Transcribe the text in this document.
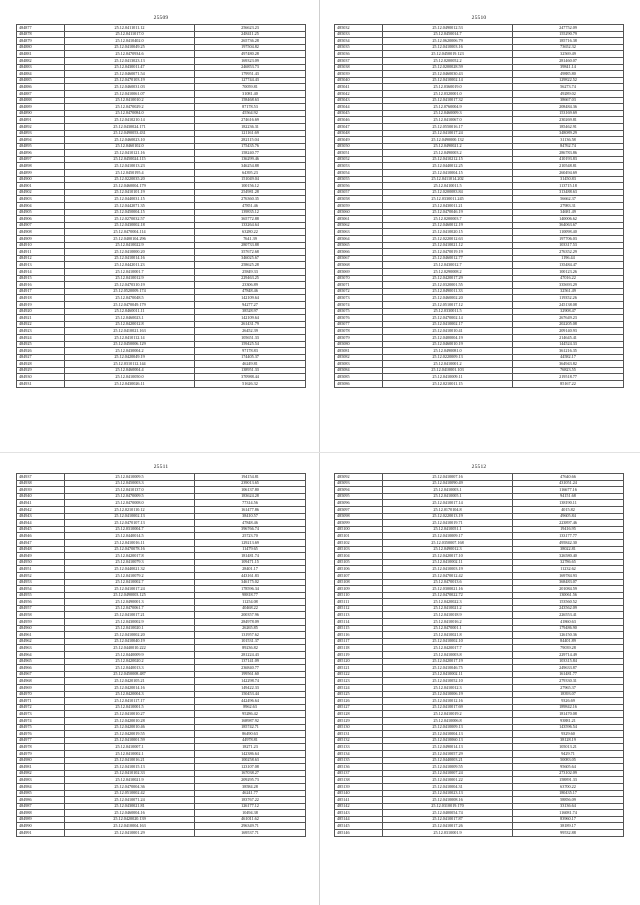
25509
484877	25.12.0411011.12	256623.23
484878	25.12.0411017.0	248411.25
484879	25.12.0410402.0	265736.28
484880	25.12.0410049.25	197504.82
484881	25.12.0470934.6	497480.28
484882	25.12.0413023.13	169323.09
484883	25.12.0430011.47	246853.73
484884	25.12.0460071.54	179951.43
484885	25.12.0470103.19	127744.43
484886	25.12.0460031.03	70059.81
484887	25.12.0410061.07	31081.40
484888	25.12.0410010.2	158468.63
484889	25.12.0470029.2	87178.53
484890	25.12.0470084.0	45564.92
484891	25.12.0410210.14	274616.69
484892	25.12.0430024.171	182236.31
484893	25.12.0490053.431	121161.69
484894	25.12.0460023.10	282115.04
484895	25.12.0460102.0	175435.76
484896	25.12.0410121.16	158240.77
484897	25.12.0450024.115	136299.46
484898	25.12.0410013.23	346254.88
484899	25.12.0450195.4	64395.23
484900	25.12.0220035.20	151049.04
484901	25.12.0460004.179	100156.12
484902	25.12.0410101.19	254981.28
484903	25.12.0440031.15	276360.35
484904	25.12.0442071.35	47851.46
484905	25.12.0450004.15	139835.12
484906	25.12.0270032.57	365772.88
484907	25.12.0430002.18	133264.64
484908	25.12.0470004.114	63280.22
484909	25.12.0400104.296	7641.39
484910	25.12.0410022.9	280733.88
484911	25.12.0410000.20	357672.68
484912	25.12.0410014.16	346025.67
484913	25.12.0442011.23	258625.28
484914	25.12.0410001.7	25849.33
484915	25.12.0410012.9	229463.25
484916	25.12.0470310.19	23306.89
484917	25.12.0520009.174	47848.46
484918	25.12.0470048.5	142109.64
484919	25.12.0470049.179	94277.27
484920	25.12.0460011.11	38528.97
484921	25.12.0460023.1	142109.64
484922	25.12.0420012.8	261431.79
484923	25.12.0410021.163	26452.39
484924	25.12.0410112.14	105651.33
484925	25.12.0450006.129	159425.54
484926	25.12.0430004.2	97178.83
484927	25.12.0420049.19	174405.37
484928	25.12.0310112.144	46249.81
484929	25.12.0460004.4	138951.33
484930	25.12.0410050.0	370988.44
484931	25.12.0430026.11	51626.32
25510
485032	25.12.0490012.53	247752.09
485033	25.12.0450014.7	155290.79
485034	25.12.0620006.79	185716.38
485035	25.12.0410003.16	73652.32
485036	25.12.0450019.123	32569.49
485037	25.12.0200052.2	281460.07
485038	25.12.0200028.59	39841.14
485039	25.12.0460030.43	49885.80
485040	25.12.0410002.14	129822.52
485041	25.12.0360019.0	56273.74
485042	25.12.0320001.0	49289.02
485043	25.12.0410017.32	38667.03
485044	25.12.0760004.9	208484.36
485045	25.12.0460009.3	153169.69
485046	25.12.0410067.0	230269.81
485047	25.12.0550016.17	185462.91
485048	25.12.0410017.24	348089.29
485049	25.12.0490000.132	31136.58
485050	25.12.0490021.2	84762.74
485051	25.12.0490003.2	286783.86
485052	25.12.0410212.15	410193.83
485053	25.12.0440012.25	210548.81
485054	25.12.0410004.15	260494.69
485055	25.12.0411014.202	31450.83
485056	25.12.0410011.5	113715.18
485057	25.12.0200083.84	313488.63
485058	25.12.0330011.245	56662.37
485059	25.12.0430011.21	27983.31
485060	25.12.0470046.19	34681.49
485061	25.12.0200003.7	140006.62
485062	25.12.0460012.19	364063.67
485063	25.12.0410020.15	110098.40
485064	25.12.0220012.63	197706.03
485065	25.12.0410021.12	103317.53
485066	25.12.0470019.19	276352.29
485067	25.12.0460012.77	1196.44
485068	25.12.0430012.7	135484.47
485069	25.12.0290008.2	100123.26
485070	25.12.0420017.29	47016.22
485071	25.12.0320001.55	335693.29
485072	25.12.0490011.33	32561.49
485073	25.12.0460002.20	119352.26
485074	25.12.0510017.12	245138.08
485075	25.12.0330011.5	32908.47
485076	25.12.0470002.14	267649.23
485077	25.12.0410002.17	202205.08
485078	25.12.0410010.41	209140.93
485079	25.12.0400004.19	214645.41
485080	25.12.0460010.19	144524.33
485081	25.12.0490081.0	361216.35
485082	25.12.0220009.13	44582.17
485083	25.12.0410001.2	364943.82
485084	25.12.0410001.103	76823.55
485085	25.12.0410009.11	219518.77
485086	25.12.0210011.15	85167.22
25511
484937	25.12.0410009.5	194154.81
484938	25.12.0450003.3	239013.65
484939	25.12.0410137.0	106137.80
484940	25.12.0470009.5	183624.28
484941	25.12.0470008.0	77314.56
484942	25.12.0210110.12	161477.86
484943	25.12.0410002.13	38410.57
484944	25.12.0470107.13	47848.46
484945	25.12.0310004.7	396766.74
484946	25.12.0440014.5	25723.70
484947	25.12.0410016.11	129213.69
484948	25.12.0470078.16	11479.65
484949	25.12.0420017.8	181481.74
484950	25.12.0410079.3	109471.15
484951	25.12.0440021.32	28401.17
484952	25.12.0410079.2	443161.83
484953	25.12.0410002.7	346175.02
484954	25.12.0410017.24	178596.34
484955	25.12.0490003.125	98818.77
484956	25.12.0490001.3	11254.08
484957	25.12.0470061.7	40468.22
484958	25.12.0410017.21	200357.96
484959	25.12.0430002.9	284978.09
484960	25.12.0410020.1	26265.85
484961	25.12.0410002.20	131957.62
484962	25.12.0410040.19	101531.37
484963	25.12.0440010.222	89236.82
484964	25.12.0440009.9	281224.43
484965	25.12.0420020.2	137141.09
484966	25.12.0440013.3	236840.77
484967	25.12.0450008.487	199561.60
484968	25.12.0420105.21	142298.74
484969	25.12.0420014.16	149422.33
484970	25.12.0420004.3	150453.44
484971	25.12.0410117.17	442496.64
484972	25.12.0410001.5	8962.63
484973	25.12.0410010.27	95286.42
484974	25.12.0420010.28	168987.92
484975	25.12.0420010.46	185742.71
484976	25.12.0420019.55	86490.63
484977	25.12.0410001.59	44978.81
484978	25.12.0410007.1	18271.23
484979	25.12.0410002.1	142386.64
484980	25.12.0410016.21	100258.63
484981	25.12.0410015.13	123107.08
484982	25.12.0410102.33	167038.27
484983	25.12.0410021.9	209295.73
484984	25.12.0470004.36	38584.28
484985	25.12.0510002.42	46241.77
484986	25.12.0410071.24	183767.22
484987	25.12.0430021.81	126177.12
484988	25.12.0460004.16	10494.38
484989	25.12.0420020.139	461011.62
484990	25.12.0410004.163	296349.71
484991	25.12.0410001.29	169537.71
25512
485092	25.12.0410007.16	47640.66
485093	25.12.0410090.49	431051.24
485094	25.12.0410003.1	116677.16
485095	25.12.0410005.1	94151.68
485096	25.12.0410017.14	138190.11
485097	25.12.0170104.8	4015.82
485098	25.12.0220013.19	49605.84
485099	25.12.0410019.71	223897.46
485100	25.12.0410051.1	19416.95
485101	25.12.0410009.17	133177.77
485102	25.12.0350007.168	495842.30
485103	25.12.0490012.3	38022.81
485104	25.12.0420017.10	326580.40
485105	25.12.0410002.11	32786.65
485106	25.12.0410003.19	11232.62
485107	25.12.0470012.42	169784.93
485108	25.12.0470013.6	368483.07
485109	25.12.0300021.16	201084.59
485110	25.12.0470022.72	130061.56
485111	25.12.0420022.3	153560.52
485112	25.12.0410021.2	243562.09
485113	25.12.0410018.9	226553.41
485114	25.12.0410016.2	41860.63
485115	25.12.0470001.1	179486.90
485116	25.12.0410021.8	126150.36
485117	25.12.0410002.10	84401.89
485118	25.12.0420017.7	79039.28
485119	25.12.0410003.8	229714.49
485120	25.12.0420017.19	103315.84
485121	25.12.0410046.75	249633.87
485122	25.12.0410002.11	161481.77
485123	25.12.0410052.10	279330.31
485124	25.12.0410012.3	27965.37
485125	25.12.0410006.19	18393.07
485126	25.12.0410012.16	9326.69
485127	25.12.0410017.69	189842.16
485128	25.12.0410019.2	181470.08
485129	25.12.0410006.8	93881.21
485130	25.12.0410009.13	143596.54
485131	25.12.0410004.13	9329.60
485132	25.12.0410060.13	38128.19
485133	25.12.0490014.13	105013.21
485134	25.12.0410057.29	9429.71
485135	25.12.0440003.21	50083.05
485136	25.12.0410009.55	95605.64
485137	25.12.0410007.24	273102.09
485138	25.12.0410001.22	158891.33
485139	25.12.0410004.31	63700.22
485140	25.12.0410023.13	180435.17
485141	25.12.0410008.16	58856.09
485142	25.12.0310019.170	33136.64
485143	25.12.0400054.74	116081.74
485144	25.12.0410017.87	83960.17
485145	25.12.0410017.26	38189.17
485146	25.12.0310001.9	99532.88
